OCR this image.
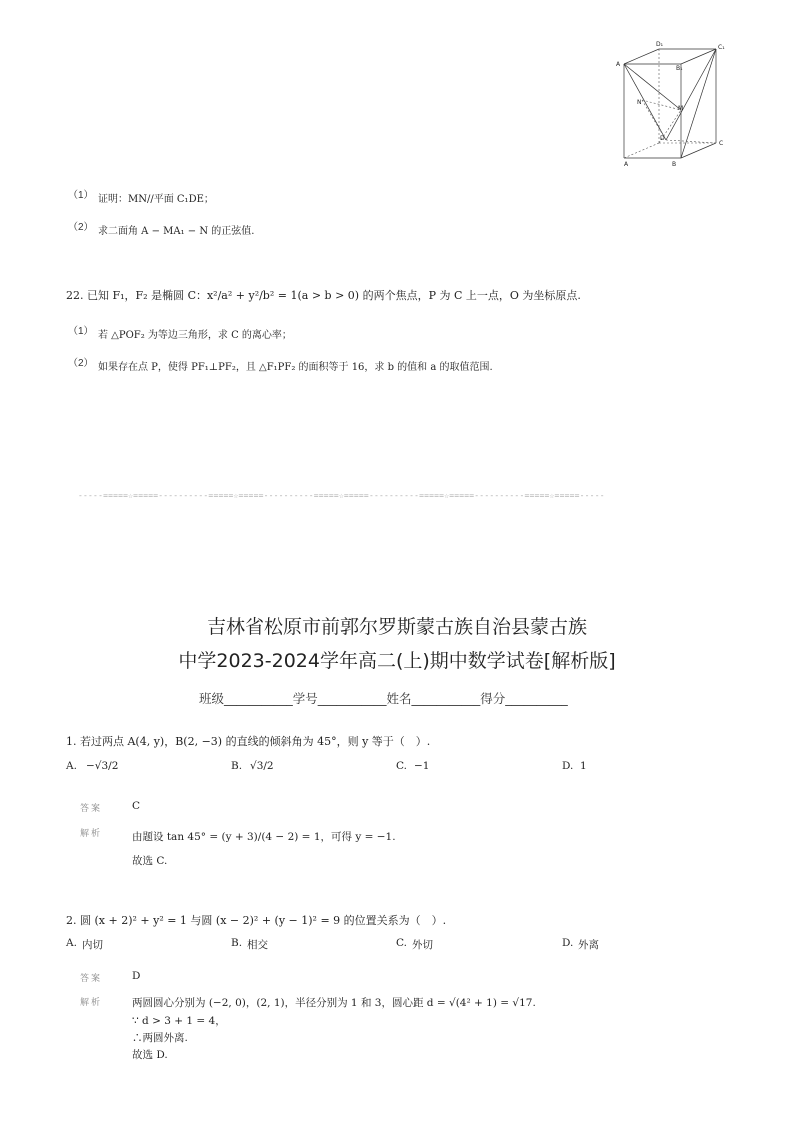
D₁	C₁
A
B₁
N
M
D
C
A	B
（1） 证明：MN//平面 C₁DE；
（2） 求二面角 A − MA₁ − N 的正弦值.
22. 已知 F₁，F₂ 是椭圆 C：x²/a² + y²/b² = 1(a > b > 0) 的两个焦点，P 为 C 上一点，O 为坐标原点.
（1） 若 △POF₂ 为等边三角形，求 C 的离心率；
（2） 如果存在点 P，使得 PF₁⊥PF₂，且 △F₁PF₂ 的面积等于 16，求 b 的值和 a 的取值范围.
-----=====☆=====----------=====☆=====----------=====☆=====----------=====☆=====----------=====☆=====-----
吉林省松原市前郭尔罗斯蒙古族自治县蒙古族
中学2023-2024学年高二(上)期中数学试卷[解析版]
班级___________学号___________姓名___________得分__________
1. 若过两点 A(4, y)，B(2, −3) 的直线的倾斜角为 45°，则 y 等于（　）.
A. −√3/2	B. √3/2	C. −1	D. 1
答案	C
解析	由题设 tan 45° = (y + 3)/(4 − 2) = 1，可得 y = −1.
故选 C.
2. 圆 (x + 2)² + y² = 1 与圆 (x − 2)² + (y − 1)² = 9 的位置关系为（　）.
A. 内切	B. 相交	C. 外切	D. 外离
答案	D
解析	两圆圆心分别为 (−2, 0)，(2, 1)，半径分别为 1 和 3，圆心距 d = √(4² + 1) = √17.
∵ d > 3 + 1 = 4，
∴两圆外离.
故选 D.
